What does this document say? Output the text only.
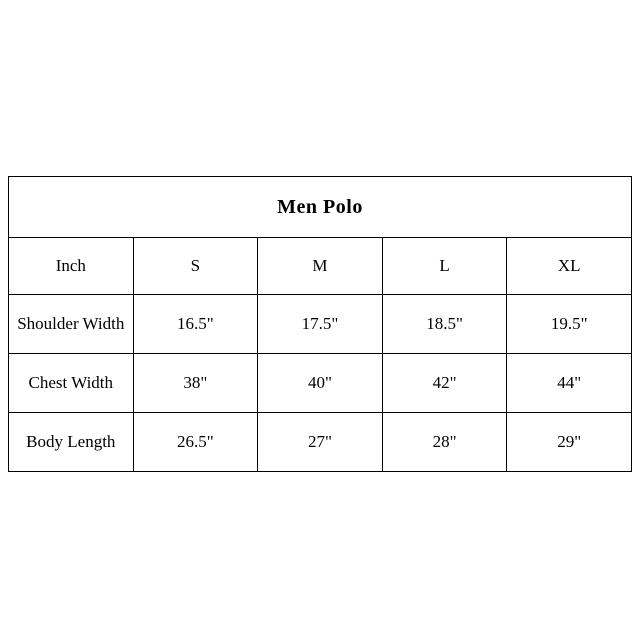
Men Polo				
Inch	S	M	L	XL
Shoulder Width	16.5"	17.5"	18.5"	19.5"
Chest Width	38"	40"	42"	44"
Body Length	26.5"	27"	28"	29"
